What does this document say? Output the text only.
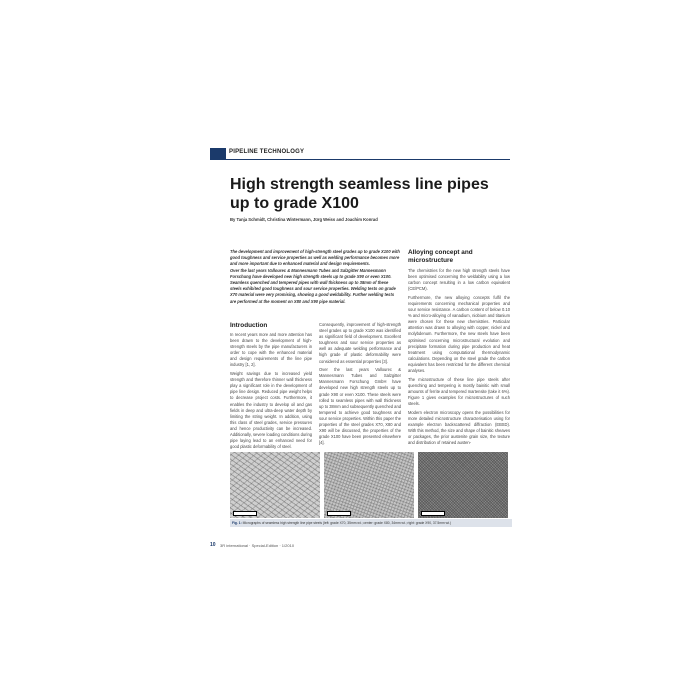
PIPELINE TECHNOLOGY
High strength seamless line pipes up to grade X100
By Tanja Schmidt, Christina Wintermann, Jürg Weiss and Joachim Konrad

The development and improvement of high-strength steel grades up to grade X100 with good toughness and service properties as well as welding performance becomes more and more important due to enhanced material and design requirements.

Over the last years Vallourec & Mannesmann Tubes and Salzgitter Mannesmann Forschung have developed new high strength steels up to grade X90 or even X100. Seamless quenched and tempered pipes with wall thickness up to 38mm of these steels exhibited good toughness and sour service properties. Welding tests on grade X70 material were very promising, showing a good weldability. Further welding tests are performed at the moment on X80 and X90 pipe material.

Introduction

In recent years more and more attention has been drawn to the development of high-strength steels by the pipe manufacturers in order to cope with the enhanced material and design requirements of the line pipe industry [1, 2].

Weight savings due to increased yield strength and therefore thinner wall thickness play a significant role in the development of pipe line design. Reduced pipe weight helps to decrease project costs. Furthermore, it enables the industry to develop oil and gas fields in deep and ultra-deep water depth by limiting the string weight. In addition, using this class of steel grades, service pressures and hence productivity can be increased. Additionally, severe loading conditions during pipe laying lead to an enhanced need for good plastic deformability of steel.

Consequently, improvement of high-strength steel grades up to grade X100 was identified as significant field of development. Excellent toughness and sour service properties as well as adequate welding performance and high grade of plastic deformability were considered as essential properties [3].

Over the last years Vallourec & Mannesmann Tubes and Salzgitter Mannesmann Forschung GmbH have developed new high strength steels up to grade X90 or even X100. These steels were rolled to seamless pipes with wall thickness up to 38mm and subsequently quenched and tempered to achieve good toughness and sour service properties. Within this paper the properties of the steel grades X70, X80 and X90 will be discussed, the properties of the grade X100 have been presented elsewhere [4].

Alloying concept and microstructure

The chemistries for the new high strength steels have been optimised concerning the weldability using a low carbon concept resulting in a low carbon equivalent (CE/PCM).

Furthermore, the new alloying concepts fulfil the requirements concerning mechanical properties and sour service resistance. A carbon content of below 0.10 % and micro-alloying of vanadium, niobium and titanium were chosen for these new chemistries. Particular attention was drawn to alloying with copper, nickel and molybdenum. Furthermore, the new steels have been optimised concerning microstructural evolution and precipitate formation during pipe production and heat treatment using computational thermodynamic calculations. Depending on the steel grade the carbon equivalent has been restricted for the different chemical analyses.

The microstructure of these line pipe steels after quenching and tempering is mostly bainitic with small amounts of ferrite and tempered martensite (take it 6%). Figure 1 gives examples for microstructures of such steels.

Modern electron microscopy opens the possibilities for more detailed microstructure characterisation using for example electron backscattered diffraction (EBSD). With this method, the size and shape of bainitic sheaves or packages, the prior austenite grain size, the texture and distribution of retained austen-

Fig. 1: Micrographs of seamless high strength line pipe steels (left: grade X70, 35mm wt.; center: grade X80, 34mm wt.; right: grade X90, 37.5mm wt.)
10 3R international · Special-Edition · 1/2010
